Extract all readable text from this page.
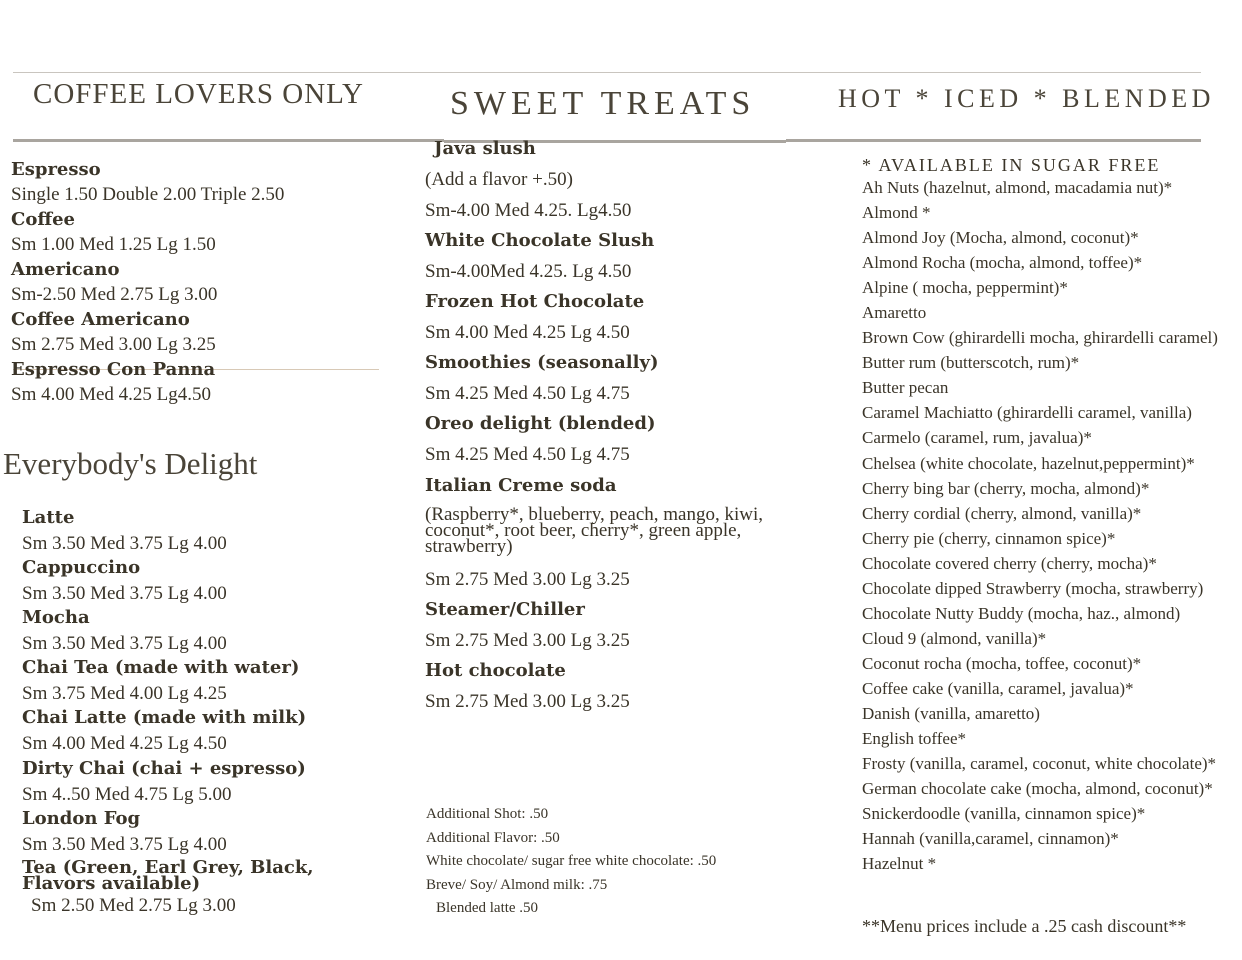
COFFEE LOVERS ONLY	SWEET TREATS	HOT * ICED * BLENDED
Espresso
Single 1.50 Double 2.00 Triple 2.50
Coffee
Sm 1.00 Med 1.25 Lg 1.50
Americano
Sm-2.50 Med 2.75 Lg 3.00
Coffee Americano
Sm 2.75 Med 3.00 Lg 3.25
Espresso Con Panna
Sm 4.00 Med 4.25 Lg4.50
Everybody's Delight
Latte
Sm 3.50 Med 3.75 Lg 4.00
Cappuccino
Sm 3.50 Med 3.75 Lg 4.00
Mocha
Sm 3.50 Med 3.75 Lg 4.00
Chai Tea (made with water)
Sm 3.75 Med 4.00 Lg 4.25
Chai Latte (made with milk)
Sm 4.00 Med 4.25 Lg 4.50
Dirty Chai (chai + espresso)
Sm 4..50 Med 4.75 Lg 5.00
London Fog
Sm 3.50 Med 3.75 Lg 4.00
Tea (Green, Earl Grey, Black, Flavors available)
Sm 2.50 Med 2.75 Lg 3.00
Java slush
(Add a flavor +.50)
Sm-4.00 Med 4.25. Lg4.50
White Chocolate Slush
Sm-4.00Med 4.25. Lg 4.50
Frozen Hot Chocolate
Sm 4.00 Med 4.25 Lg 4.50
Smoothies (seasonally)
Sm 4.25 Med 4.50 Lg 4.75
Oreo delight (blended)
Sm 4.25 Med 4.50 Lg 4.75
Italian Creme soda
(Raspberry*, blueberry, peach, mango, kiwi, coconut*, root beer, cherry*, green apple, strawberry)
Sm 2.75 Med 3.00 Lg 3.25
Steamer/Chiller
Sm 2.75 Med 3.00 Lg 3.25
Hot chocolate
Sm 2.75 Med 3.00 Lg 3.25
Additional Shot: .50
Additional Flavor: .50
White chocolate/ sugar free white chocolate: .50
Breve/ Soy/ Almond milk: .75
Blended latte .50
* AVAILABLE IN SUGAR FREE
Ah Nuts (hazelnut, almond, macadamia nut)*
Almond *
Almond Joy (Mocha, almond, coconut)*
Almond Rocha (mocha, almond, toffee)*
Alpine ( mocha, peppermint)*
Amaretto
Brown Cow (ghirardelli mocha, ghirardelli caramel)
Butter rum (butterscotch, rum)*
Butter pecan
Caramel Machiatto (ghirardelli caramel, vanilla)
Carmelo (caramel, rum, javalua)*
Chelsea (white chocolate, hazelnut,peppermint)*
Cherry bing bar (cherry, mocha, almond)*
Cherry cordial (cherry, almond, vanilla)*
Cherry pie (cherry, cinnamon spice)*
Chocolate covered cherry (cherry, mocha)*
Chocolate dipped Strawberry (mocha, strawberry)
Chocolate Nutty Buddy (mocha, haz., almond)
Cloud 9 (almond, vanilla)*
Coconut rocha (mocha, toffee, coconut)*
Coffee cake (vanilla, caramel, javalua)*
Danish (vanilla, amaretto)
English toffee*
Frosty (vanilla, caramel, coconut, white chocolate)*
German chocolate cake (mocha, almond, coconut)*
Snickerdoodle (vanilla, cinnamon spice)*
Hannah (vanilla,caramel, cinnamon)*
Hazelnut *
**Menu prices include a .25 cash discount**
